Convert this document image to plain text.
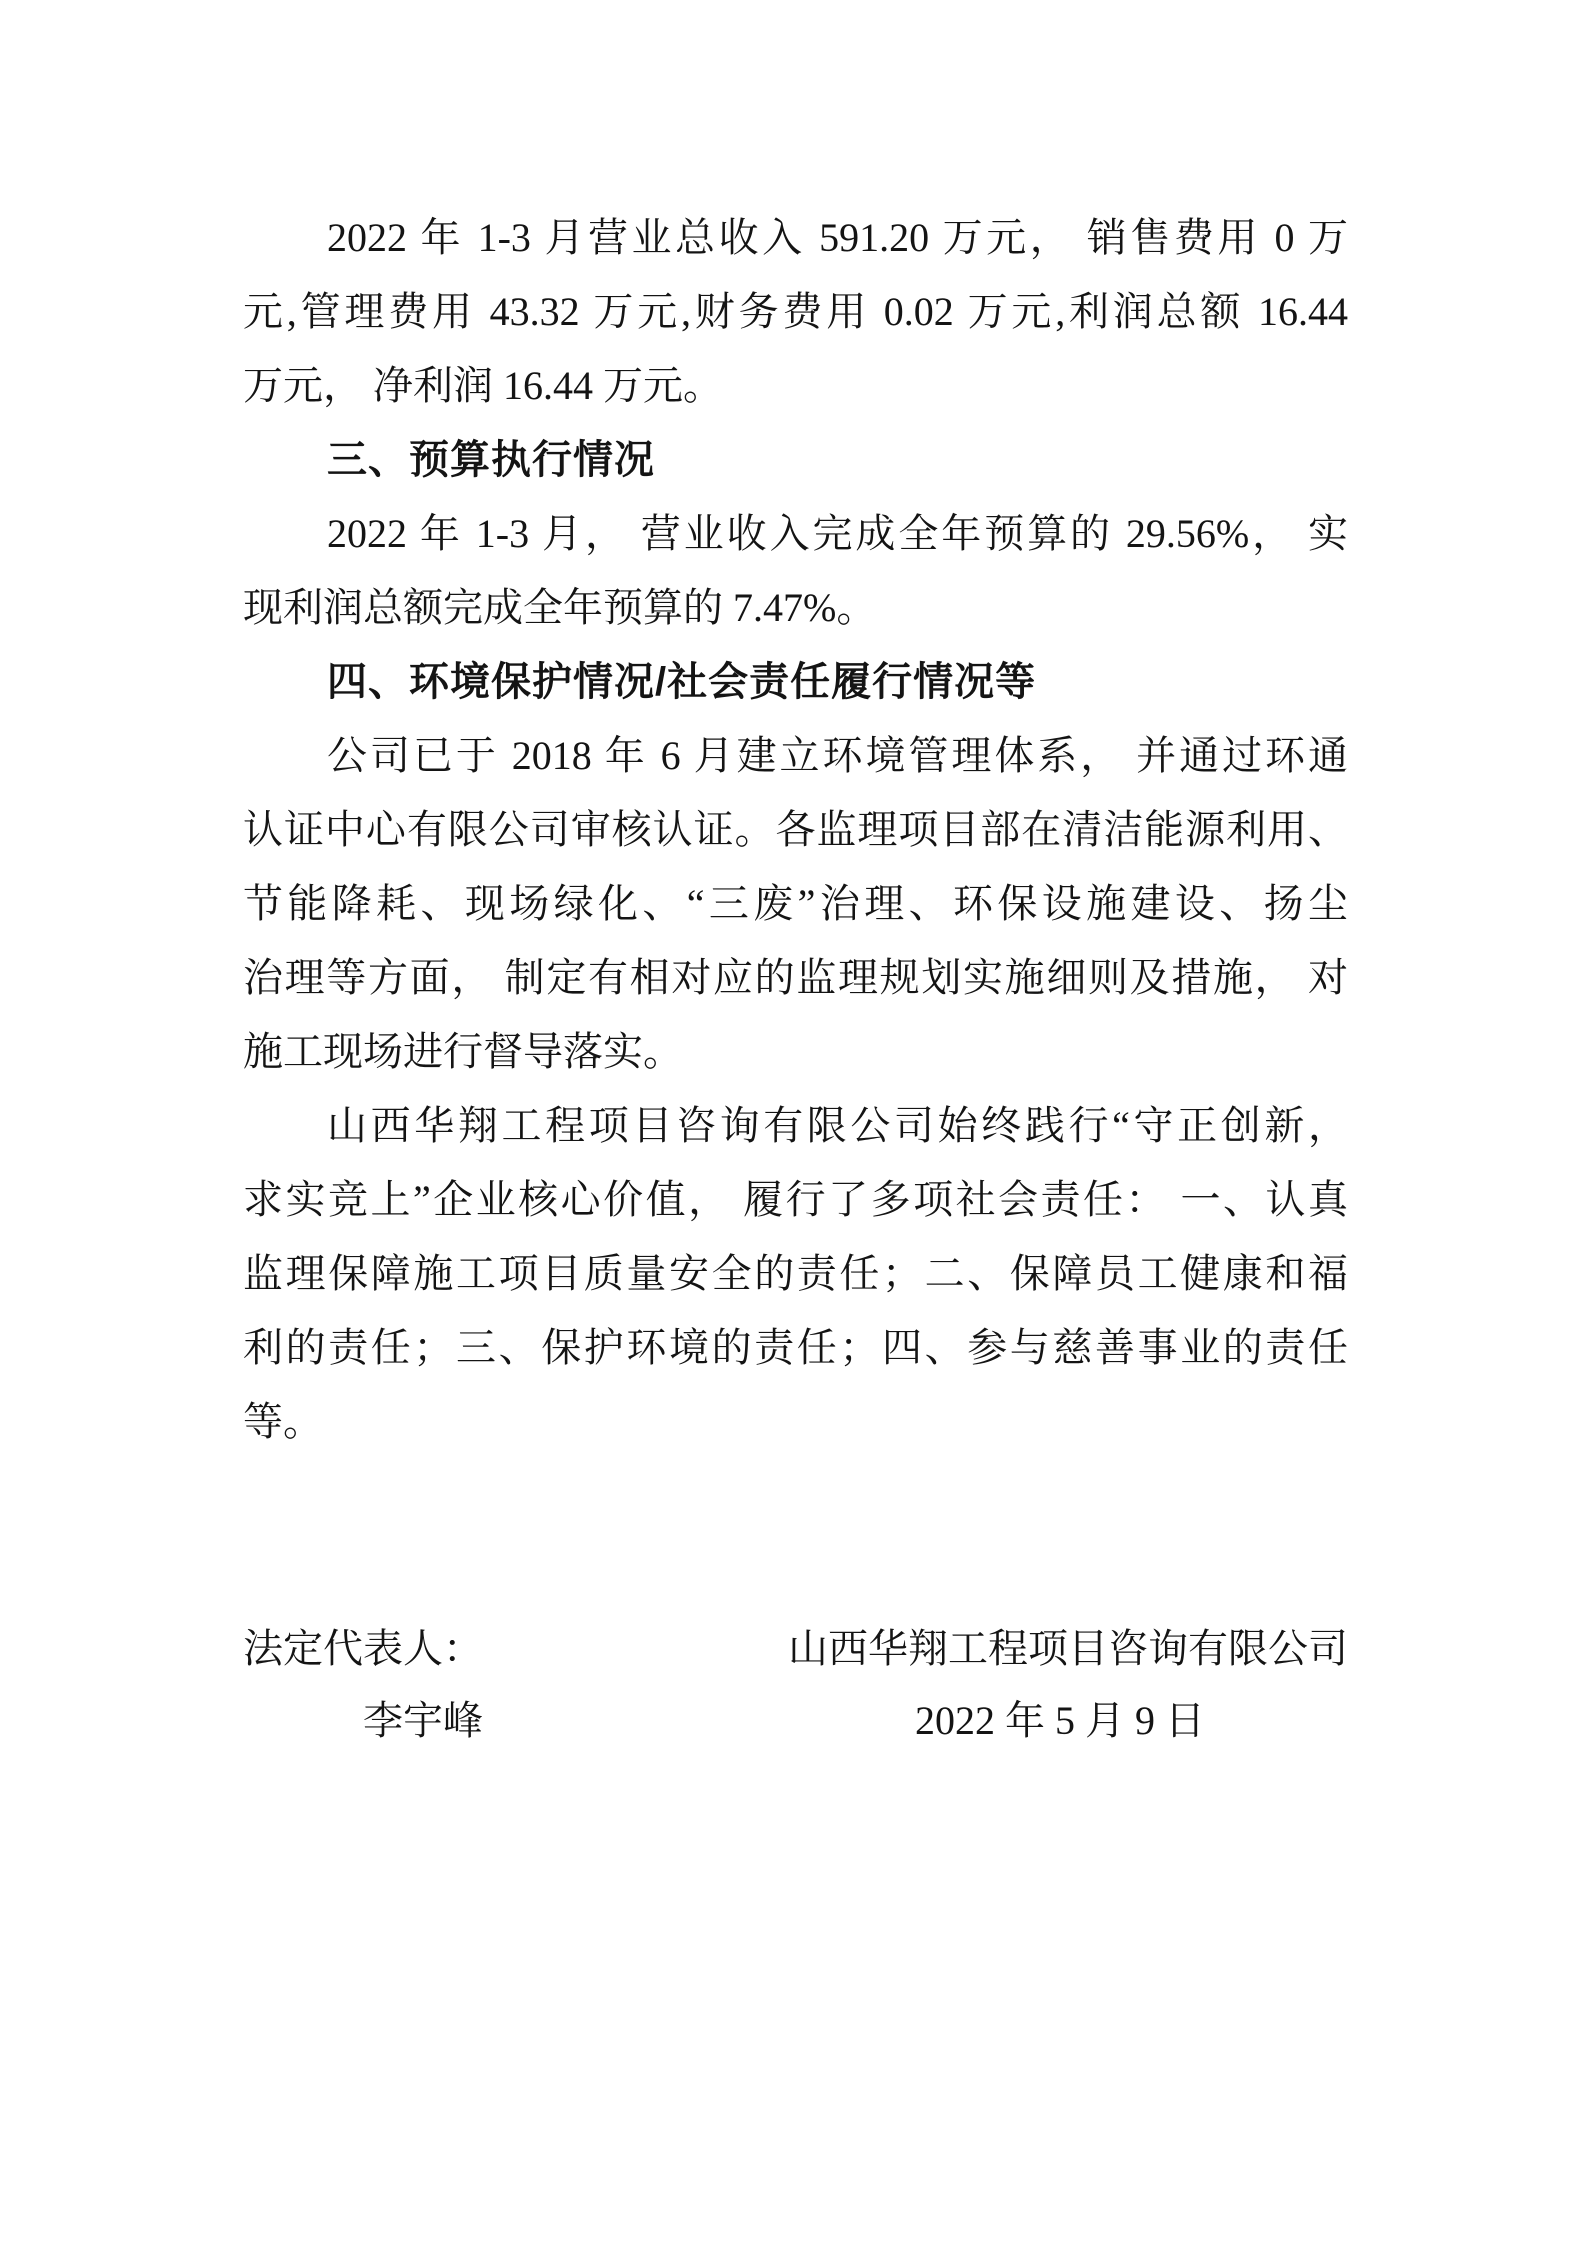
2022 年 1-3 月营业总收入 591.20 万元， 销售费用 0 万
元,管理费用 43.32 万元,财务费用 0.02 万元,利润总额 16.44
万元， 净利润 16.44 万元。
三、预算执行情况
2022 年 1-3 月， 营业收入完成全年预算的 29.56%， 实
现利润总额完成全年预算的 7.47%。
四、环境保护情况/社会责任履行情况等
公司已于 2018 年 6 月建立环境管理体系， 并通过环通
认证中心有限公司审核认证。各监理项目部在清洁能源利用、
节能降耗、现场绿化、“三废”治理、环保设施建设、扬尘
治理等方面， 制定有相对应的监理规划实施细则及措施， 对
施工现场进行督导落实。
山西华翔工程项目咨询有限公司始终践行“守正创新，
求实竞上”企业核心价值， 履行了多项社会责任： 一、认真
监理保障施工项目质量安全的责任；二、保障员工健康和福
利的责任；三、保护环境的责任；四、参与慈善事业的责任
等。
法定代表人：	山西华翔工程项目咨询有限公司
李宇峰	2022 年 5 月 9 日
